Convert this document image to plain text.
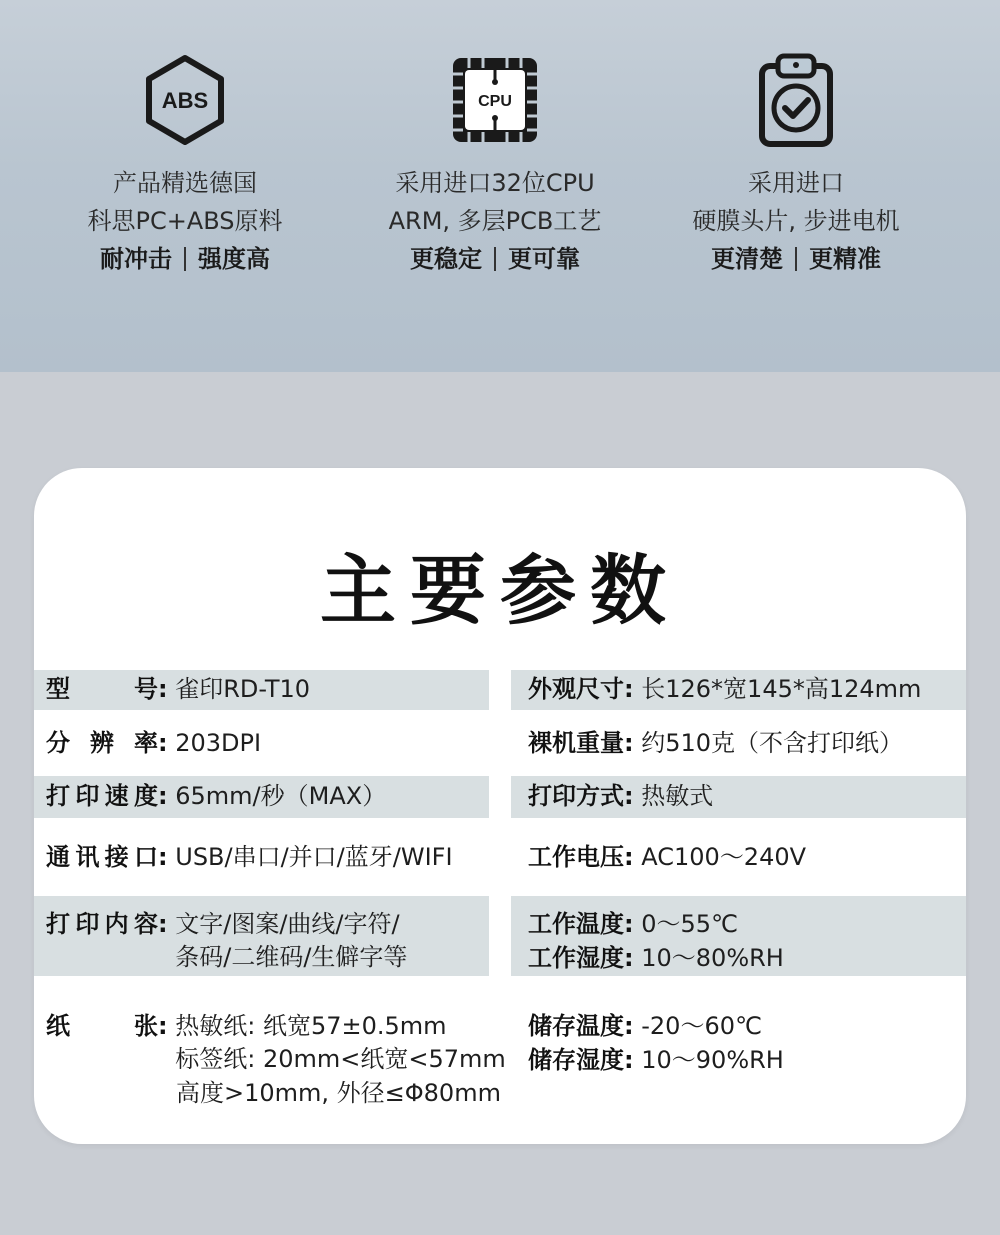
ABS
产品精选德国
科思PC+ABS原料
耐冲击 强度高
CPU
采用进口32位CPU
ARM, 多层PCB工艺
更稳定 更可靠
采用进口
硬膜头片, 步进电机
更清楚 更精准
主要参数
型号: 雀印RD-T10
分辨率: 203DPI
打印速度: 65mm/秒（MAX）
通讯接口: USB/串口/并口/蓝牙/WIFI
打印内容: 文字/图案/曲线/字符/
条码/二维码/生僻字等
纸张: 热敏纸: 纸宽57±0.5mm
标签纸: 20mm<纸宽<57mm
高度>10mm, 外径≤Φ80mm
外观尺寸: 长126*宽145*高124mm
裸机重量: 约510克（不含打印纸）
打印方式: 热敏式
工作电压: AC100～240V
工作温度: 0～55℃
工作湿度: 10～80%RH
储存温度: -20～60℃
储存湿度: 10～90%RH
